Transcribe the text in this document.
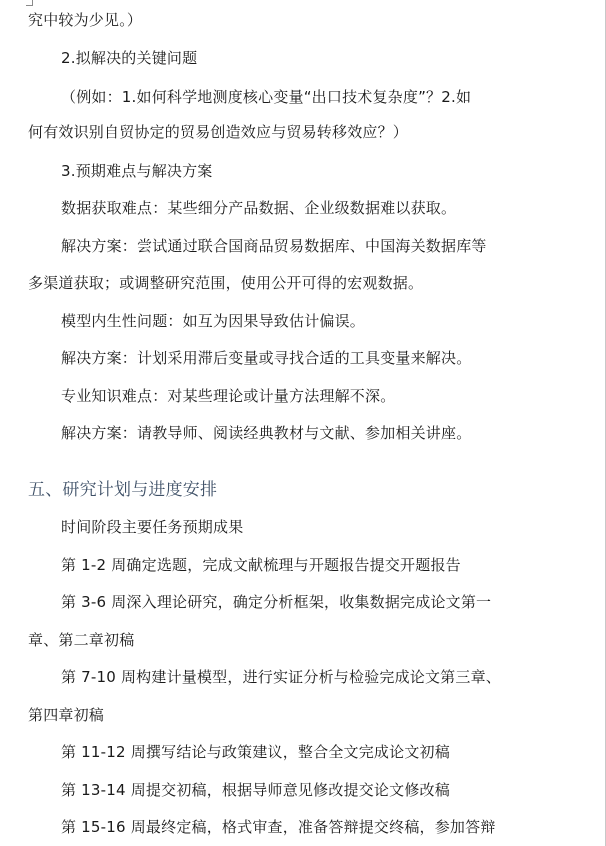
究中较为少见。）
2.拟解决的关键问题
（例如：1.如何科学地测度核心变量“出口技术复杂度”？2.如
何有效识别自贸协定的贸易创造效应与贸易转移效应？）
3.预期难点与解决方案
数据获取难点：某些细分产品数据、企业级数据难以获取。
解决方案：尝试通过联合国商品贸易数据库、中国海关数据库等
多渠道获取；或调整研究范围，使用公开可得的宏观数据。
模型内生性问题：如互为因果导致估计偏误。
解决方案：计划采用滞后变量或寻找合适的工具变量来解决。
专业知识难点：对某些理论或计量方法理解不深。
解决方案：请教导师、阅读经典教材与文献、参加相关讲座。
五、研究计划与进度安排
时间阶段主要任务预期成果
第 1-2 周确定选题，完成文献梳理与开题报告提交开题报告
第 3-6 周深入理论研究，确定分析框架，收集数据完成论文第一
章、第二章初稿
第 7-10 周构建计量模型，进行实证分析与检验完成论文第三章、
第四章初稿
第 11-12 周撰写结论与政策建议，整合全文完成论文初稿
第 13-14 周提交初稿，根据导师意见修改提交论文修改稿
第 15-16 周最终定稿，格式审查，准备答辩提交终稿，参加答辩
